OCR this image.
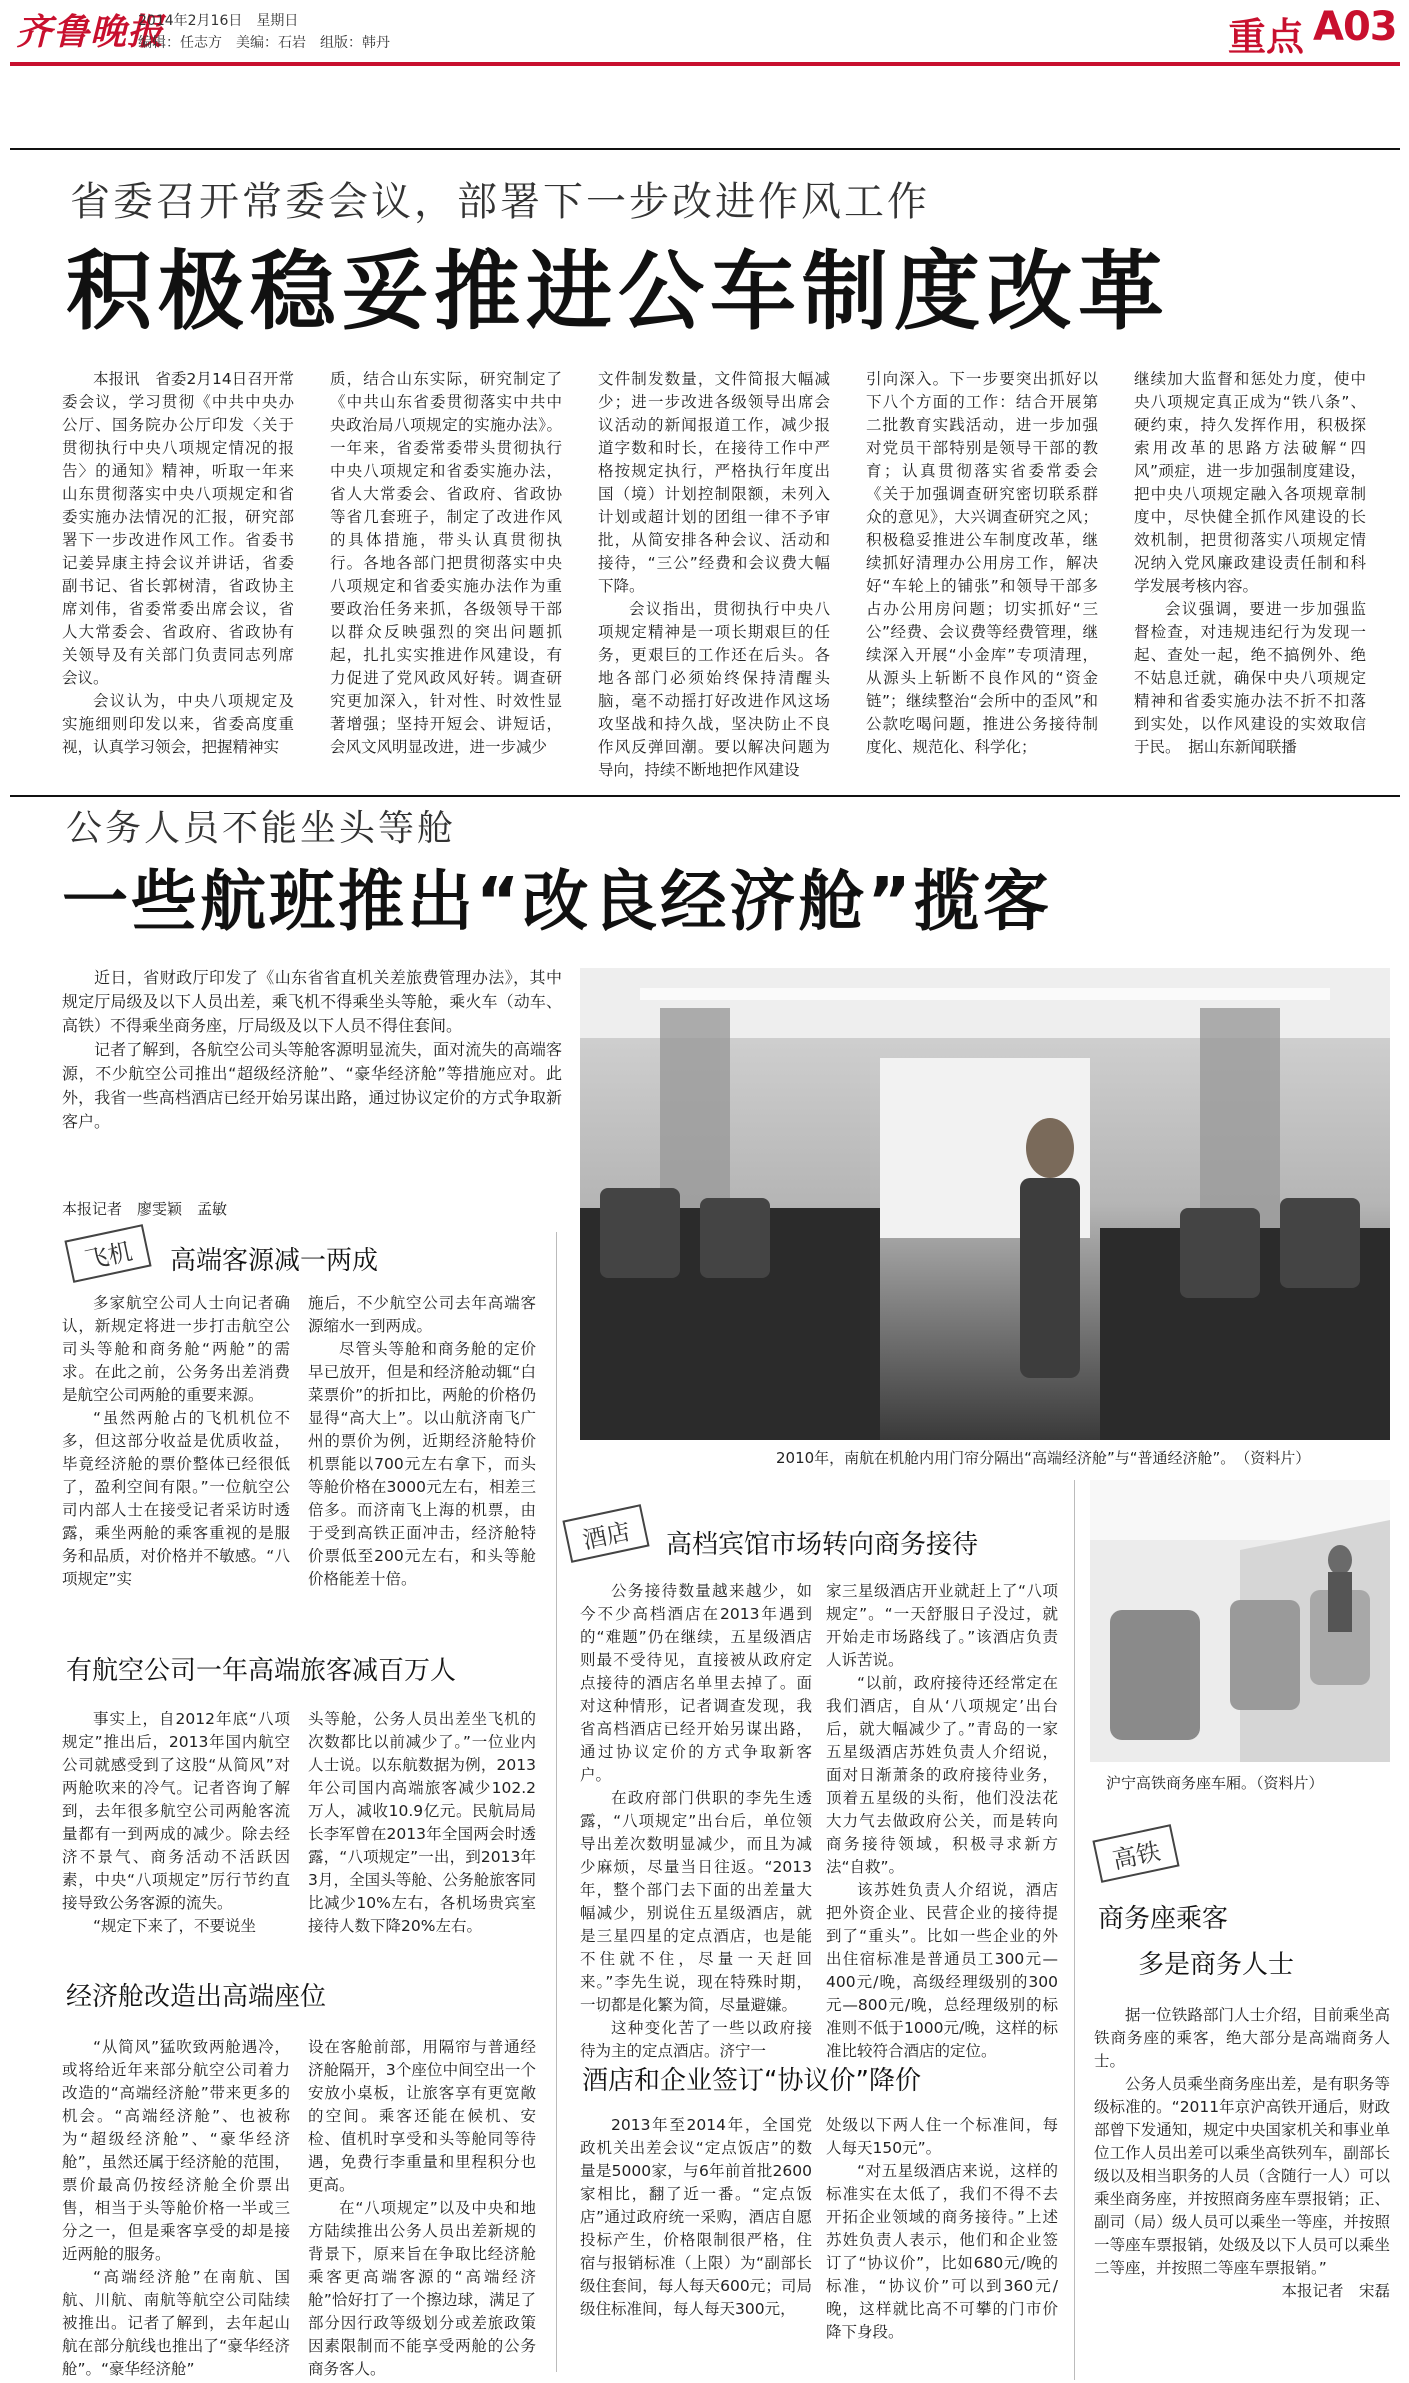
齐鲁晚报
2014年2月16日　星期日
编辑：任志方　美编：石岩　组版：韩丹	重点 A03
省委召开常委会议，部署下一步改进作风工作
积极稳妥推进公车制度改革

本报讯　省委2月14日召开常委会议，学习贯彻《中共中央办公厅、国务院办公厅印发〈关于贯彻执行中央八项规定情况的报告〉的通知》精神，听取一年来山东贯彻落实中央八项规定和省委实施办法情况的汇报，研究部署下一步改进作风工作。省委书记姜异康主持会议并讲话，省委副书记、省长郭树清，省政协主席刘伟，省委常委出席会议，省人大常委会、省政府、省政协有关领导及有关部门负责同志列席会议。

会议认为，中央八项规定及实施细则印发以来，省委高度重视，认真学习领会，把握精神实

质，结合山东实际，研究制定了《中共山东省委贯彻落实中共中央政治局八项规定的实施办法》。一年来，省委常委带头贯彻执行中央八项规定和省委实施办法，省人大常委会、省政府、省政协等省几套班子，制定了改进作风的具体措施，带头认真贯彻执行。各地各部门把贯彻落实中央八项规定和省委实施办法作为重要政治任务来抓，各级领导干部以群众反映强烈的突出问题抓起，扎扎实实推进作风建设，有力促进了党风政风好转。调查研究更加深入，针对性、时效性显著增强；坚持开短会、讲短话，会风文风明显改进，进一步减少

文件制发数量，文件简报大幅减少；进一步改进各级领导出席会议活动的新闻报道工作，减少报道字数和时长，在接待工作中严格按规定执行，严格执行年度出国（境）计划控制限额，未列入计划或超计划的团组一律不予审批，从简安排各种会议、活动和接待，“三公”经费和会议费大幅下降。

会议指出，贯彻执行中央八项规定精神是一项长期艰巨的任务，更艰巨的工作还在后头。各地各部门必须始终保持清醒头脑，毫不动摇打好改进作风这场攻坚战和持久战，坚决防止不良作风反弹回潮。要以解决问题为导向，持续不断地把作风建设

引向深入。下一步要突出抓好以下八个方面的工作：结合开展第二批教育实践活动，进一步加强对党员干部特别是领导干部的教育；认真贯彻落实省委常委会《关于加强调查研究密切联系群众的意见》，大兴调查研究之风；积极稳妥推进公车制度改革，继续抓好清理办公用房工作，解决好“车轮上的铺张”和领导干部多占办公用房问题；切实抓好“三公”经费、会议费等经费管理，继续深入开展“小金库”专项清理，从源头上斩断不良作风的“资金链”；继续整治“会所中的歪风”和公款吃喝问题，推进公务接待制度化、规范化、科学化；

继续加大监督和惩处力度，使中央八项规定真正成为“铁八条”、硬约束，持久发挥作用，积极探索用改革的思路方法破解“四风”顽症，进一步加强制度建设，把中央八项规定融入各项规章制度中，尽快健全抓作风建设的长效机制，把贯彻落实八项规定情况纳入党风廉政建设责任制和科学发展考核内容。

会议强调，要进一步加强监督检查，对违规违纪行为发现一起、查处一起，绝不搞例外、绝不姑息迁就，确保中央八项规定精神和省委实施办法不折不扣落到实处，以作风建设的实效取信于民。　据山东新闻联播

公务人员不能坐头等舱
一些航班推出“改良经济舱”揽客

近日，省财政厅印发了《山东省省直机关差旅费管理办法》，其中规定厅局级及以下人员出差，乘飞机不得乘坐头等舱，乘火车（动车、高铁）不得乘坐商务座，厅局级及以下人员不得住套间。

记者了解到，各航空公司头等舱客源明显流失，面对流失的高端客源，不少航空公司推出“超级经济舱”、“豪华经济舱”等措施应对。此外，我省一些高档酒店已经开始另谋出路，通过协议定价的方式争取新客户。

本报记者　廖雯颖　孟敏
2010年，南航在机舱内用门帘分隔出“高端经济舱”与“普通经济舱”。　（资料片）
飞机	高端客源减一两成

多家航空公司人士向记者确认，新规定将进一步打击航空公司头等舱和商务舱“两舱”的需求。在此之前，公务务出差消费是航空公司两舱的重要来源。

“虽然两舱占的飞机机位不多，但这部分收益是优质收益，毕竟经济舱的票价整体已经很低了，盈利空间有限。”一位航空公司内部人士在接受记者采访时透露，乘坐两舱的乘客重视的是服务和品质，对价格并不敏感。“八项规定”实

施后，不少航空公司去年高端客源缩水一到两成。

尽管头等舱和商务舱的定价早已放开，但是和经济舱动辄“白菜票价”的折扣比，两舱的价格仍显得“高大上”。以山航济南飞广州的票价为例，近期经济舱特价机票能以700元左右拿下，而头等舱价格在3000元左右，相差三倍多。而济南飞上海的机票，由于受到高铁正面冲击，经济舱特价票低至200元左右，和头等舱价格能差十倍。

有航空公司一年高端旅客减百万人

事实上，自2012年底“八项规定”推出后，2013年国内航空公司就感受到了这股“从简风”对两舱吹来的冷气。记者咨询了解到，去年很多航空公司两舱客流量都有一到两成的减少。除去经济不景气、商务活动不活跃因素，中央“八项规定”厉行节约直接导致公务客源的流失。

“规定下来了，不要说坐

头等舱，公务人员出差坐飞机的次数都比以前减少了。”一位业内人士说。以东航数据为例，2013年公司国内高端旅客减少102.2万人，减收10.9亿元。民航局局长李军曾在2013年全国两会时透露，“八项规定”一出，到2013年3月，全国头等舱、公务舱旅客同比减少10%左右，各机场贵宾室接待人数下降20%左右。

经济舱改造出高端座位

“从简风”猛吹致两舱遇冷，或将给近年来部分航空公司着力改造的“高端经济舱”带来更多的机会。“高端经济舱”、也被称为“超级经济舱”、“豪华经济舱”，虽然还属于经济舱的范围，票价最高仍按经济舱全价票出售，相当于头等舱价格一半或三分之一，但是乘客享受的却是接近两舱的服务。

“高端经济舱”在南航、国航、川航、南航等航空公司陆续被推出。记者了解到，去年起山航在部分航线也推出了“豪华经济舱”。“豪华经济舱”

设在客舱前部，用隔帘与普通经济舱隔开，3个座位中间空出一个安放小桌板，让旅客享有更宽敞的空间。乘客还能在候机、安检、值机时享受和头等舱同等待遇，免费行李重量和里程积分也更高。

在“八项规定”以及中央和地方陆续推出公务人员出差新规的背景下，原来旨在争取比经济舱乘客更高端客源的“高端经济舱”恰好打了一个擦边球，满足了部分因行政等级划分或差旅政策因素限制而不能享受两舱的公务商务客人。

酒店	高档宾馆市场转向商务接待

公务接待数量越来越少，如今不少高档酒店在2013年遇到的“难题”仍在继续，五星级酒店则最不受待见，直接被从政府定点接待的酒店名单里去掉了。面对这种情形，记者调查发现，我省高档酒店已经开始另谋出路，通过协议定价的方式争取新客户。

在政府部门供职的李先生透露，“八项规定”出台后，单位领导出差次数明显减少，而且为减少麻烦，尽量当日往返。“2013年，整个部门去下面的出差量大幅减少，别说住五星级酒店，就是三星四星的定点酒店，也是能不住就不住，尽量一天赶回来。”李先生说，现在特殊时期，一切都是化繁为简，尽量避嫌。

这种变化苦了一些以政府接待为主的定点酒店。济宁一

家三星级酒店开业就赶上了“八项规定”。“一天舒服日子没过，就开始走市场路线了。”该酒店负责人诉苦说。

“以前，政府接待还经常定在我们酒店，自从‘八项规定’出台后，就大幅减少了。”青岛的一家五星级酒店苏姓负责人介绍说，面对日渐萧条的政府接待业务，顶着五星级的头衔，他们没法花大力气去做政府公关，而是转向商务接待领域，积极寻求新方法“自救”。

该苏姓负责人介绍说，酒店把外资企业、民营企业的接待提到了“重头”。比如一些企业的外出住宿标准是普通员工300元—400元/晚，高级经理级别的300元—800元/晚，总经理级别的标准则不低于1000元/晚，这样的标准比较符合酒店的定位。

酒店和企业签订“协议价”降价

2013年至2014年，全国党政机关出差会议“定点饭店”的数量是5000家，与6年前首批2600家相比，翻了近一番。“定点饭店”通过政府统一采购，酒店自愿投标产生，价格限制很严格，住宿与报销标准（上限）为“副部长级住套间，每人每天600元；司局级住标准间，每人每天300元，

处级以下两人住一个标准间，每人每天150元”。

“对五星级酒店来说，这样的标准实在太低了，我们不得不去开拓企业领域的商务接待。”上述苏姓负责人表示，他们和企业签订了“协议价”，比如680元/晚的标准，“协议价”可以到360元/晚，这样就比高不可攀的门市价降下身段。

沪宁高铁商务座车厢。（资料片）
高铁
商务座乘客
多是商务人士

据一位铁路部门人士介绍，目前乘坐高铁商务座的乘客，绝大部分是高端商务人士。

公务人员乘坐商务座出差，是有职务等级标准的。“2011年京沪高铁开通后，财政部曾下发通知，规定中央国家机关和事业单位工作人员出差可以乘坐高铁列车，副部长级以及相当职务的人员（含随行一人）可以乘坐商务座，并按照商务座车票报销；正、副司（局）级人员可以乘坐一等座，并按照一等座车票报销，处级及以下人员可以乘坐二等座，并按照二等座车票报销。”

本报记者　宋磊
